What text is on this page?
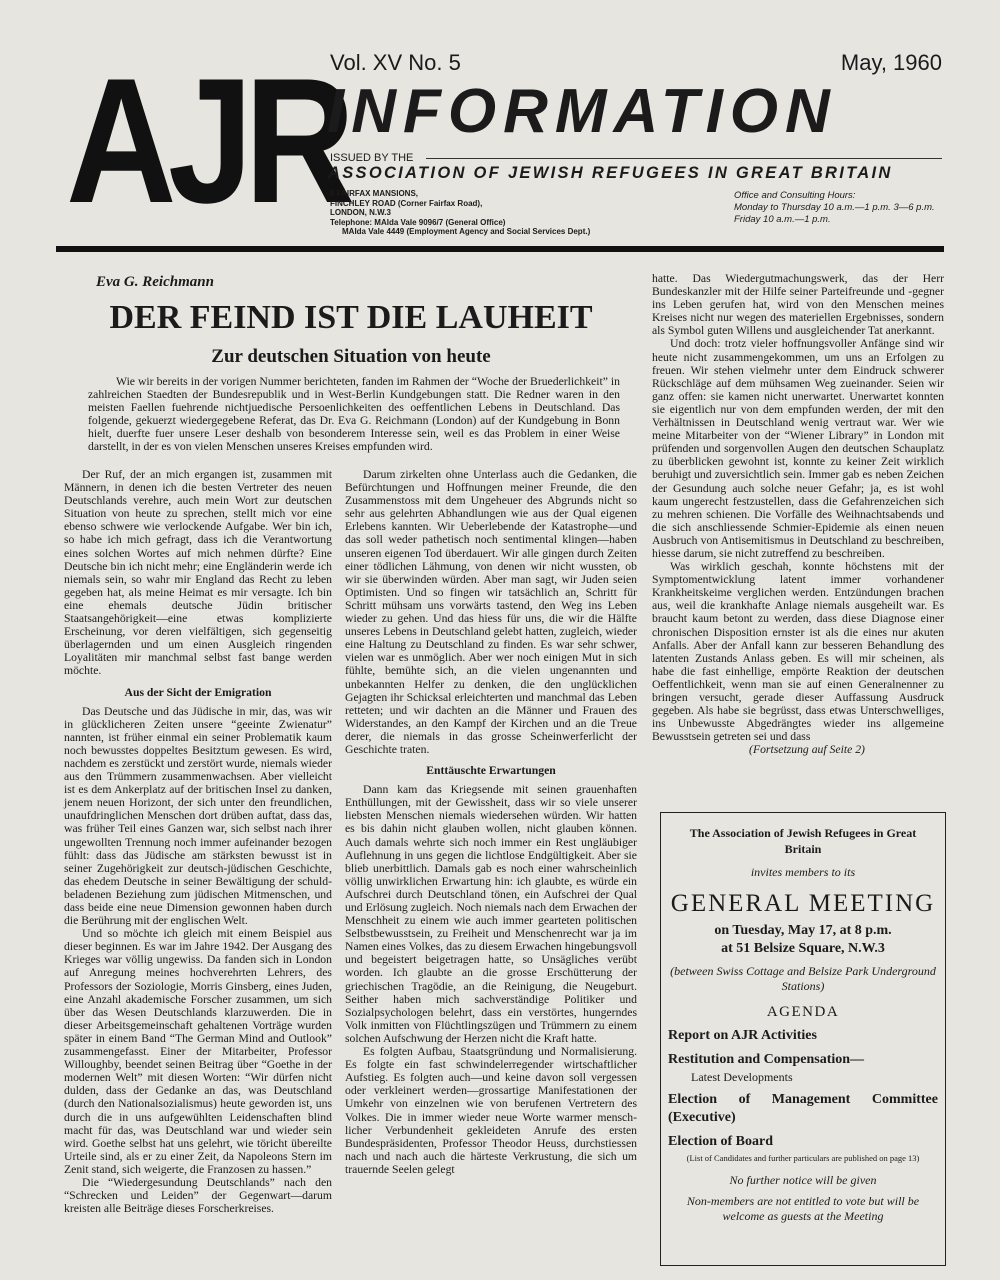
AJR
Vol. XV No. 5	May, 1960
INFORMATION
ISSUED BY THE
ASSOCIATION OF JEWISH REFUGEES IN GREAT BRITAIN
8 FAIRFAX MANSIONS,
FINCHLEY ROAD (Corner Fairfax Road),
LONDON, N.W.3
Telephone: MAIda Vale 9096/7 (General Office)
MAIda Vale 4449 (Employment Agency and Social Services Dept.)
Office and Consulting Hours:
Monday to Thursday 10 a.m.—1 p.m. 3—6 p.m.
Friday 10 a.m.—1 p.m.
Eva G. Reichmann
DER FEIND IST DIE LAUHEIT
Zur deutschen Situation von heute
Wie wir bereits in der vorigen Nummer berichteten, fanden im Rahmen der “Woche der Bruederlichkeit” in zahlreichen Staedten der Bundesrepublik und in West-Berlin Kundgebungen statt. Die Redner waren in den meisten Faellen fuehrende nichtjuedische Persoenlichkeiten des oeffentlichen Lebens in Deutschland. Das folgende, gekuerzt wiedergegebene Referat, das Dr. Eva G. Reichmann (London) auf der Kundgebung in Bonn hielt, duerfte fuer unsere Leser deshalb von besonderem Interesse sein, weil es das Problem in einer Weise darstellt, in der es von vielen Menschen unseres Kreises empfunden wird.

Der Ruf, der an mich ergangen ist, zusammen mit Männern, in denen ich die besten Vertreter des neuen Deutschlands verehre, auch mein Wort zur deutschen Situation von heute zu sprechen, stellt mich vor eine ebenso schwere wie verlockende Aufgabe. Wer bin ich, so habe ich mich gefragt, dass ich die Verantwortung eines solchen Wortes auf mich nehmen dürfte? Eine Deutsche bin ich nicht mehr; eine Engländerin werde ich niemals sein, so wahr mir England das Recht zu leben gegeben hat, als meine Heimat es mir versagte. Ich bin eine ehemals deutsche Jüdin britischer Staatsangehörigkeit—eine etwas komplizierte Erscheinung, vor deren vielfältigen, sich gegenseitig überlagernden und um einen Ausgleich ringenden Loyalitäten mir manchmal selbst fast bange werden möchte.

Aus der Sicht der Emigration

Das Deutsche und das Jüdische in mir, das, was wir in glücklicheren Zeiten unsere “geeinte Zwienatur” nannten, ist früher einmal ein seiner Problematik kaum noch bewusstes doppeltes Besitztum gewesen. Es wird, nachdem es zerstückt und zerstört wurde, niemals wieder aus den Trümmern zusammenwachsen. Aber vielleicht ist es dem Ankerplatz auf der britischen Insel zu danken, jenem neuen Horizont, der sich unter den freundlichen, unaufdringlichen Menschen dort drüben auftat, dass das, was früher Teil eines Ganzen war, sich selbst nach ihrer ungewollten Trennung noch immer aufeinander bezogen fühlt: dass das Jüdische am stärksten bewusst ist in seiner Zugehörigkeit zur deutsch-jüdischen Geschichte, das ehedem Deutsche in seiner Bewältigung der schuldbeladenen Beziehung zum jüdischen Mitmenschen, und dass beide eine neue Dimension gewonnen haben durch die Berührung mit der englischen Welt.

Und so möchte ich gleich mit einem Beispiel aus dieser beginnen. Es war im Jahre 1942. Der Ausgang des Krieges war völlig ungewiss. Da fanden sich in London auf Anregung meines hochverehrten Lehrers, des Professors der Soziologie, Morris Ginsberg, eines Juden, eine Anzahl akademische Forscher zusammen, um sich über das Wesen Deutschlands klarzuwerden. Die in dieser Arbeitsgemeinschaft gehaltenen Vorträge wurden später in einem Band “The German Mind and Outlook” zusammengefasst. Einer der Mitarbeiter, Professor Willoughby, beendet seinen Beitrag über “Goethe in der modernen Welt” mit diesen Worten: “Wir dürfen nicht dulden, dass der Gedanke an das, was Deutschland (durch den Nationalsozialismus) heute geworden ist, uns durch die in uns aufgewühlten Leidenschaften blind macht für das, was Deutschland war und wieder sein wird. Goethe selbst hat uns gelehrt, wie töricht übereilte Urteile sind, als er zu einer Zeit, da Napoleons Stern im Zenit stand, sich weigerte, die Franzosen zu hassen.”

Die “Wiedergesundung Deutschlands” nach den “Schrecken und Leiden” der Gegenwart—darum kreisten alle Beiträge dieses Forscherkreises.

Darum zirkelten ohne Unterlass auch die Gedanken, die Befürchtungen und Hoffnungen meiner Freunde, die den Zusammenstoss mit dem Ungeheuer des Abgrunds nicht so sehr aus gelehrten Abhandlungen wie aus der Qual eigenen Erlebens kannten. Wir Ueberlebende der Katastrophe—und das soll weder pathetisch noch sentimental klingen—haben unseren eigenen Tod überdauert. Wir alle gingen durch Zeiten einer tödlichen Lähmung, von denen wir nicht wussten, ob wir sie überwinden würden. Aber man sagt, wir Juden seien Optimisten. Und so fingen wir tatsächlich an, Schritt für Schritt mühsam uns vorwärts tastend, den Weg ins Leben wieder zu gehen. Und das hiess für uns, die wir die Hälfte unseres Lebens in Deutschland gelebt hatten, zugleich, wieder eine Haltung zu Deutschland zu finden. Es war sehr schwer, vielen war es unmöglich. Aber wer noch einigen Mut in sich fühlte, bemühte sich, an die vielen ungenannten und unbekannten Helfer zu denken, die den unglücklichen Gejagten ihr Schicksal erleichterten und manchmal das Leben retteten; und wir dachten an die Männer und Frauen des Widerstandes, an den Kampf der Kirchen und an die Treue derer, die niemals in das grosse Scheinwerferlicht der Geschichte traten.

Enttäuschte Erwartungen

Dann kam das Kriegsende mit seinen grauenhaften Enthüllungen, mit der Gewissheit, dass wir so viele unserer liebsten Menschen niemals wiedersehen würden. Wir hatten es bis dahin nicht glauben wollen, nicht glauben können. Auch damals wehrte sich noch immer ein Rest ungläubiger Auflehnung in uns gegen die lichtlose Endgültigkeit. Aber sie blieb unerbittlich. Damals gab es noch einer wahrscheinlich völlig unwirklichen Erwartung hin: ich glaubte, es würde ein Aufschrei durch Deutschland tönen, ein Aufschrei der Qual und Erlösung zugleich. Noch niemals nach dem Erwachen der Menschheit zu einem wie auch immer gearteten politischen Selbstbewusstsein, zu Freiheit und Menschenrecht war ja im Namen eines Volkes, das zu diesem Erwachen hingebungsvoll und begeistert beigetragen hatte, so Unsägliches verübt worden. Ich glaubte an die grosse Erschütterung der griechischen Tragödie, an die Reinigung, die Neugeburt. Seither haben mich sachverständige Politiker und Sozialpsychologen belehrt, dass ein verstörtes, hungerndes Volk inmitten von Flüchtlingszügen und Trümmern zu einem solchen Aufschwung der Herzen nicht die Kraft hatte.

Es folgten Aufbau, Staatsgründung und Normalisierung. Es folgte ein fast schwindelerregender wirtschaftlicher Aufstieg. Es folgten auch—und keine davon soll vergessen oder verkleinert werden—grossartige Manifestationen der Umkehr von einzelnen wie von berufenen Vertretern des Volkes. Die in immer wieder neue Worte warmer menschlicher Verbundenheit gekleideten Anrufe des ersten Bundespräsidenten, Professor Theodor Heuss, durchstiessen nach und nach auch die härteste Verkrustung, die sich um trauernde Seelen gelegt

hatte. Das Wiedergutmachungswerk, das der Herr Bundeskanzler mit der Hilfe seiner Parteifreunde und -gegner ins Leben gerufen hat, wird von den Menschen meines Kreises nicht nur wegen des materiellen Ergebnisses, sondern als Symbol guten Willens und ausgleichender Tat anerkannt.

Und doch: trotz vieler hoffnungsvoller Anfänge sind wir heute nicht zusammengekommen, um uns an Erfolgen zu freuen. Wir stehen vielmehr unter dem Eindruck schwerer Rückschläge auf dem mühsamen Weg zueinander. Seien wir ganz offen: sie kamen nicht unerwartet. Unerwartet konnten sie eigentlich nur von dem empfunden werden, der mit den Verhältnissen in Deutschland wenig vertraut war. Wer wie meine Mitarbeiter von der “Wiener Library” in London mit prüfenden und sorgenvollen Augen den deutschen Schauplatz zu überblicken gewohnt ist, konnte zu keiner Zeit wirklich beruhigt und zuversichtlich sein. Immer gab es neben Zeichen der Gesundung auch solche neuer Gefahr; ja, es ist wohl kaum ungerecht festzustellen, dass die Gefahrenzeichen sich zu mehren schienen. Die Vorfälle des Weihnachtsabends und die sich anschliessende Schmier-Epidemie als einen neuen Ausbruch von Antisemitismus in Deutschland zu beschreiben, hiesse darum, sie nicht zutreffend zu beschreiben.

Was wirklich geschah, konnte höchstens mit der Symptomentwicklung latent immer vorhandener Krankheitskeime verglichen werden. Entzündungen brachen aus, weil die krankhafte Anlage niemals ausgeheilt war. Es braucht kaum betont zu werden, dass diese Diagnose einer chronischen Disposition ernster ist als die eines nur akuten Anfalls. Aber der Anfall kann zur besseren Behandlung des latenten Zustands Anlass geben. Es will mir scheinen, als habe die fast einhellige, empörte Reaktion der deutschen Oeffentlichkeit, wenn man sie auf einen Generalnenner zu bringen versucht, gerade dieser Auffassung Ausdruck gegeben. Als habe sie begrüsst, dass etwas Unterschwelliges, ins Unbewusste Abgedrängtes wieder ins allgemeine Bewusstsein getreten sei und dass

(Fortsetzung auf Seite 2)

The Association of Jewish Refugees in Great Britain
invites members to its
GENERAL MEETING
on Tuesday, May 17, at 8 p.m.
at 51 Belsize Square, N.W.3
(between Swiss Cottage and Belsize Park Underground Stations)
AGENDA
Report on AJR Activities
Restitution and Compensation—
Latest Developments
Election of Management Committee (Executive)
Election of Board
(List of Candidates and further particulars are published on page 13)
No further notice will be given
Non-members are not entitled to vote but will be welcome as guests at the Meeting
